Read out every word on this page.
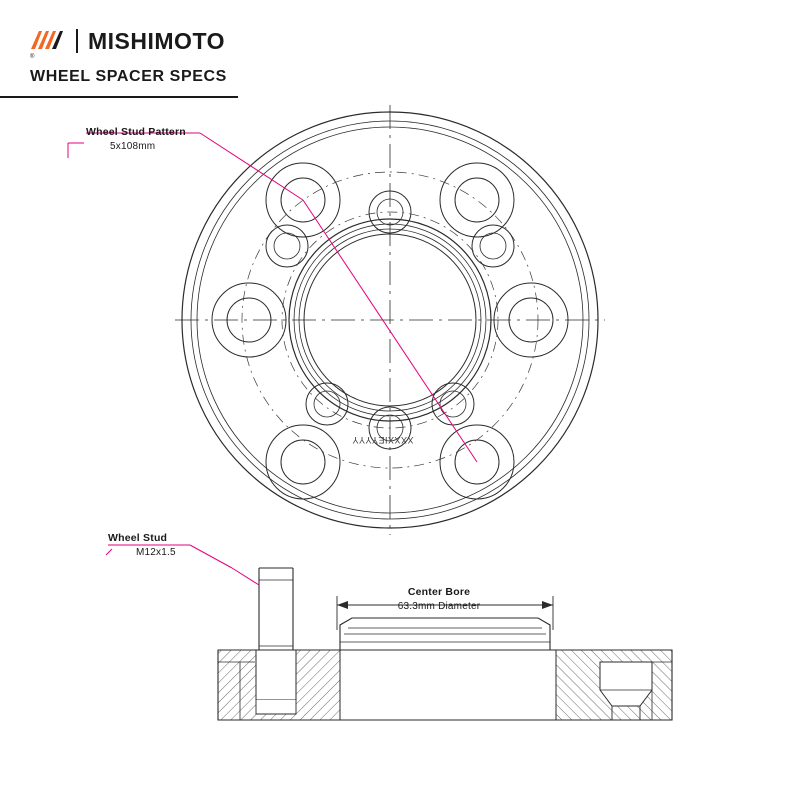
MISHIMOTO
®
WHEEL SPACER SPECS
Wheel Stud Pattern
5x108mm
Wheel Stud
M12x1.5
Center Bore
63.3mm Diameter
XXXXIEYYYY
